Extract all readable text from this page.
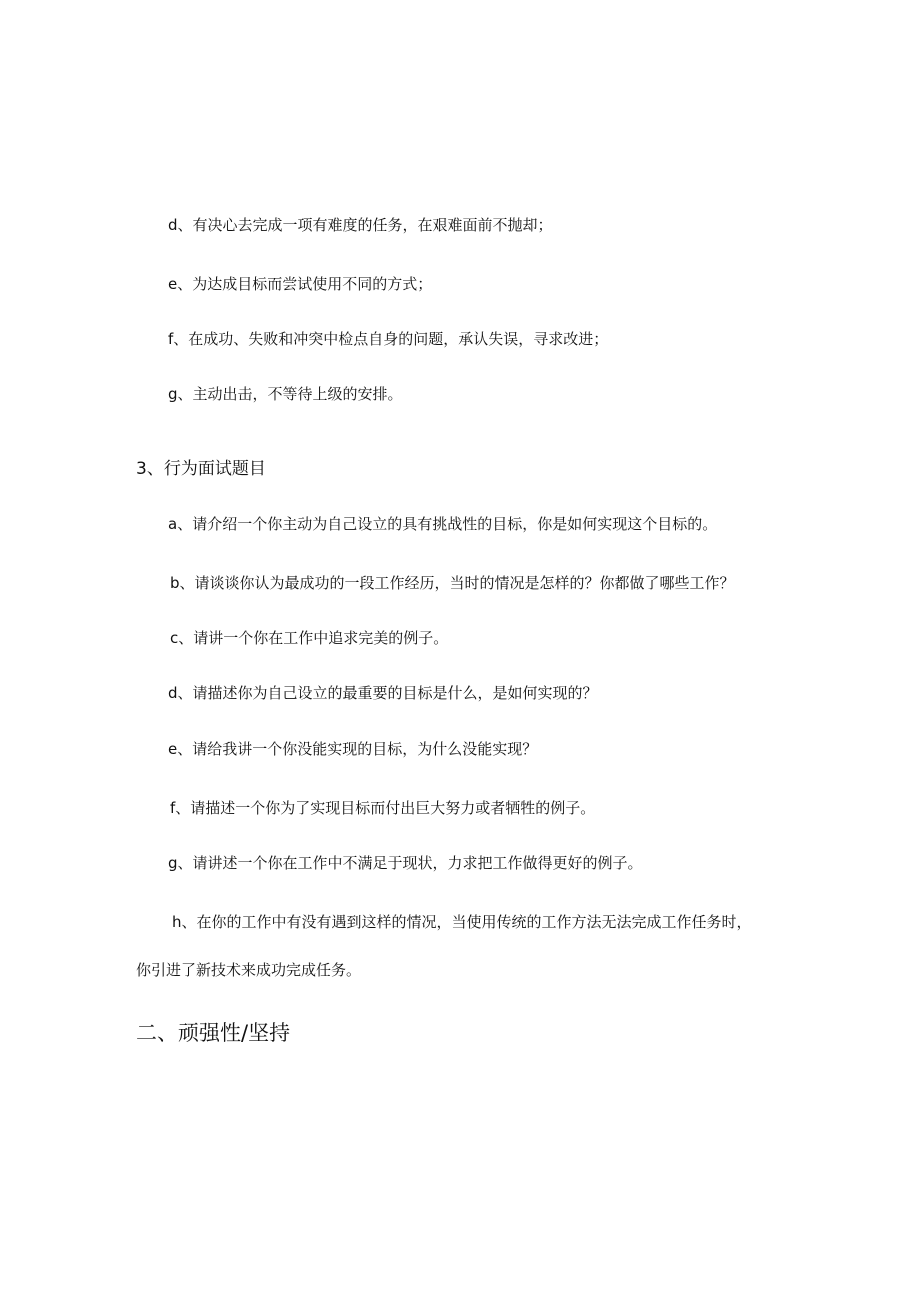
d、有决心去完成一项有难度的任务，在艰难面前不抛却；
e、为达成目标而尝试使用不同的方式；
f、在成功、失败和冲突中检点自身的问题，承认失误，寻求改进；
g、主动出击，不等待上级的安排。
3、行为面试题目
a、请介绍一个你主动为自己设立的具有挑战性的目标，你是如何实现这个目标的。
b、请谈谈你认为最成功的一段工作经历，当时的情况是怎样的？你都做了哪些工作？
c、请讲一个你在工作中追求完美的例子。
d、请描述你为自己设立的最重要的目标是什么，是如何实现的？
e、请给我讲一个你没能实现的目标，为什么没能实现？
f、请描述一个你为了实现目标而付出巨大努力或者牺牲的例子。
g、请讲述一个你在工作中不满足于现状，力求把工作做得更好的例子。
h、在你的工作中有没有遇到这样的情况，当使用传统的工作方法无法完成工作任务时，
你引进了新技术来成功完成任务。
二、顽强性/坚持
